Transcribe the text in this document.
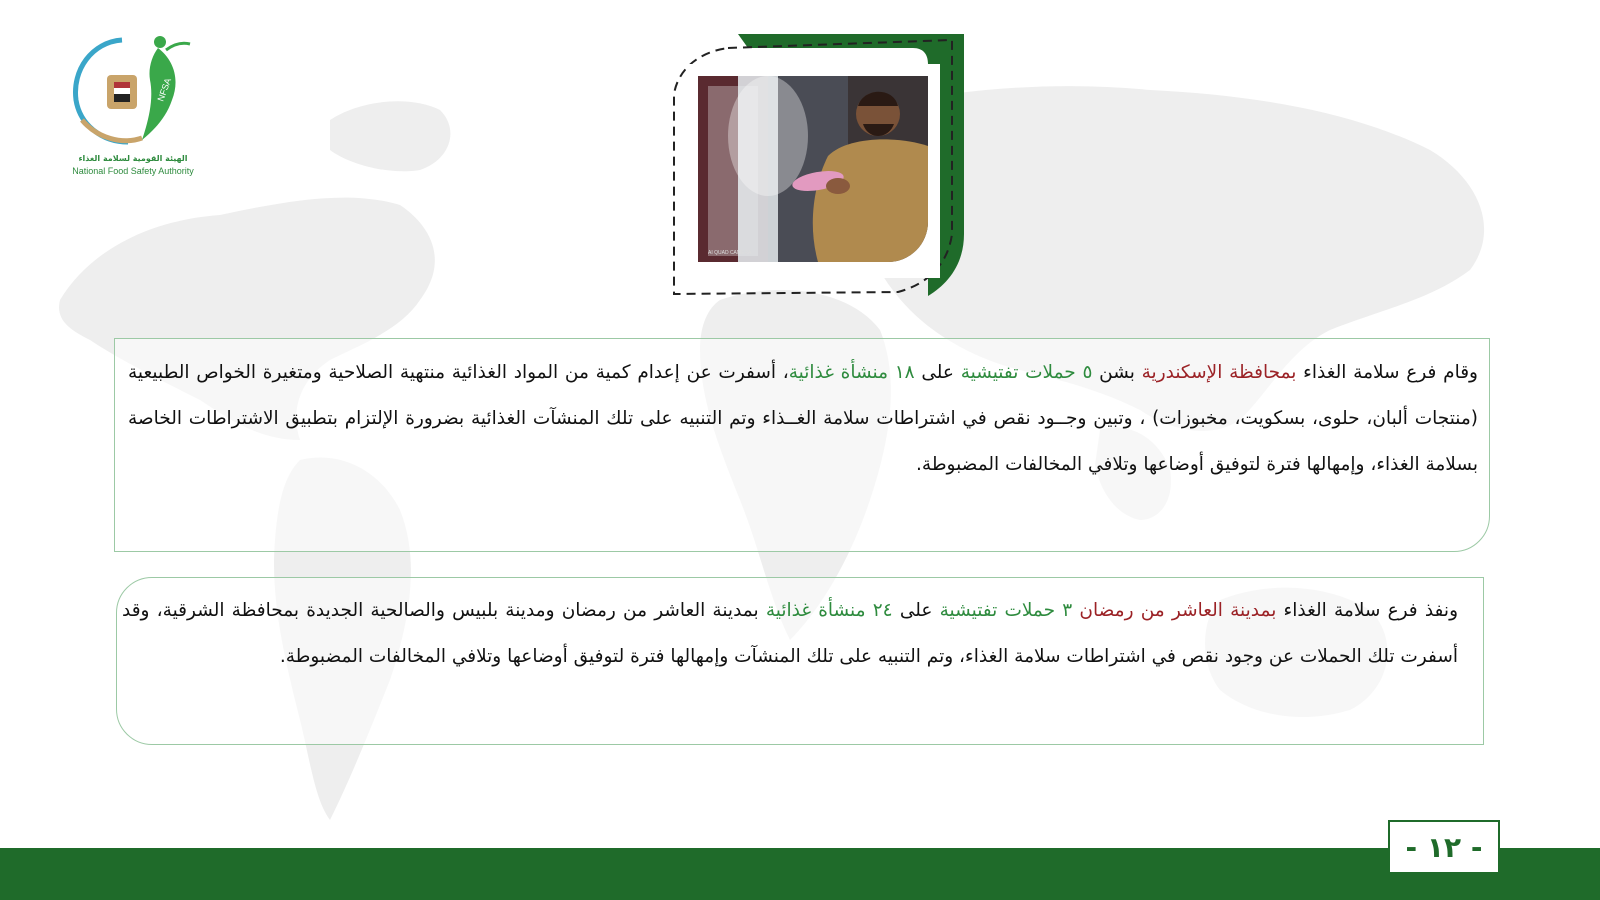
NFSA
الهيئة القومية لسلامة الغذاء
National Food Safety Authority
AI QUAD CAMERA
وقام فرع سلامة الغذاء بمحافظة الإسكندرية بشن ٥ حملات تفتيشية على ١٨ منشأة غذائية، أسفرت عن إعدام كمية من المواد الغذائية منتهية الصلاحية ومتغيرة الخواص الطبيعية (منتجات ألبان، حلوى، بسكويت، مخبوزات) ، وتبين وجــود نقص في اشتراطات سلامة الغــذاء وتم التنبيه على تلك المنشآت الغذائية بضرورة الإلتزام بتطبيق الاشتراطات الخاصة بسلامة الغذاء، وإمهالها فترة لتوفيق أوضاعها وتلافي المخالفات المضبوطة.
ونفذ فرع سلامة الغذاء بمدينة العاشر من رمضان ٣ حملات تفتيشية على ٢٤ منشأة غذائية بمدينة العاشر من رمضان ومدينة بلبيس والصالحية الجديدة بمحافظة الشرقية، وقد أسفرت تلك الحملات عن وجود نقص في اشتراطات سلامة الغذاء، وتم التنبيه على تلك المنشآت وإمهالها فترة لتوفيق أوضاعها وتلافي المخالفات المضبوطة.
- ١٢ -
